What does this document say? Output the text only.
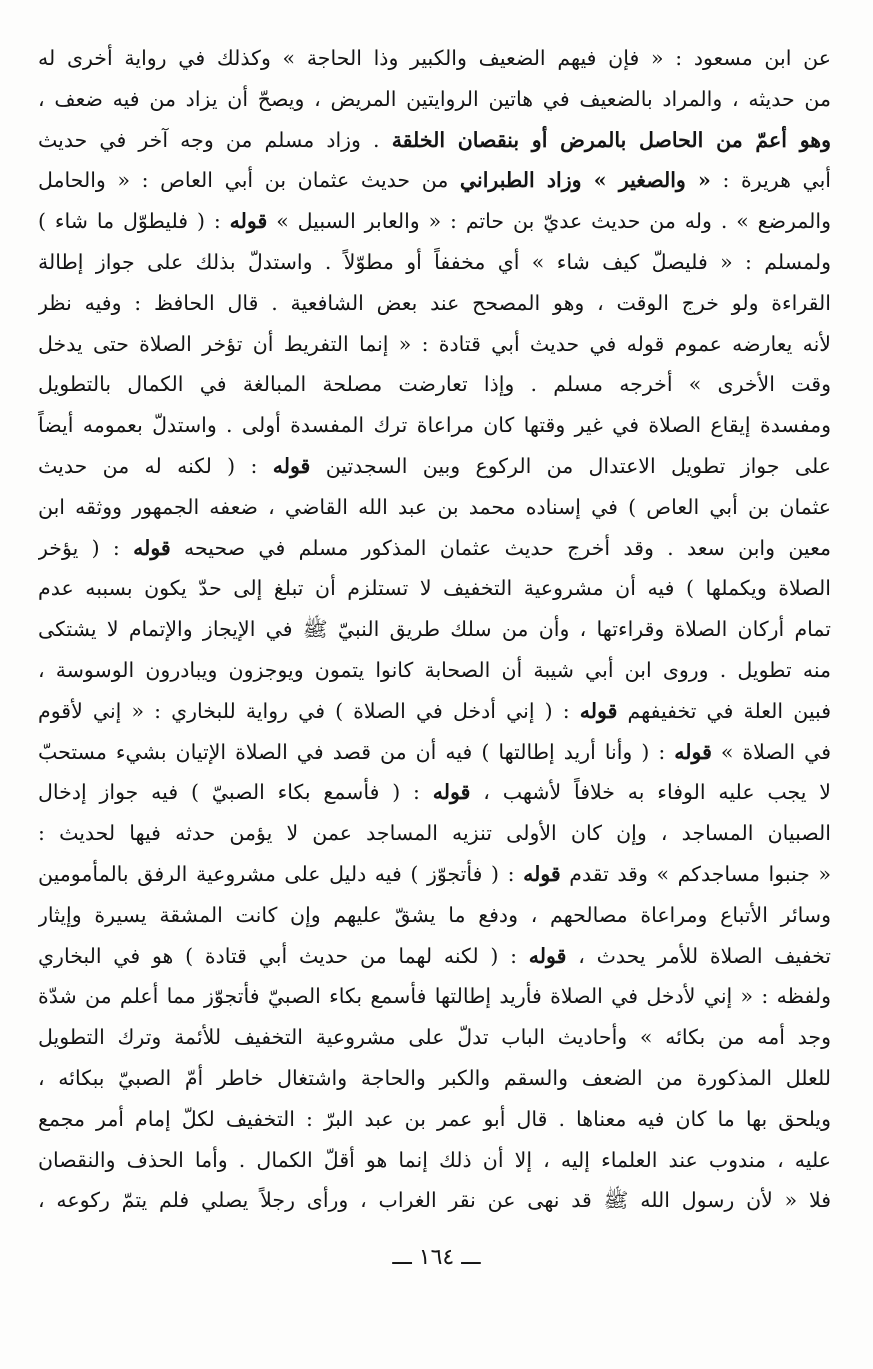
عن ابن مسعود : « فإن فيهم الضعيف والكبير وذا الحاجة » وكذلك في رواية أخرى له
من حديثه ، والمراد بالضعيف في هاتين الروايتين المريض ، ويصحّ أن يزاد من فيه ضعف ،
وهو أعمّ من الحاصل بالمرض أو بنقصان الخلقة . وزاد مسلم من وجه آخر في حديث
أبي هريرة : « والصغير » وزاد الطبراني من حديث عثمان بن أبي العاص : « والحامل
والمرضع » . وله من حديث عديّ بن حاتم : « والعابر السبيل » قوله : ( فليطوّل ما شاء )
ولمسلم : « فليصلّ كيف شاء » أي مخففاً أو مطوّلاً . واستدلّ بذلك على جواز إطالة
القراءة ولو خرج الوقت ، وهو المصحح عند بعض الشافعية . قال الحافظ : وفيه نظر
لأنه يعارضه عموم قوله في حديث أبي قتادة : « إنما التفريط أن تؤخر الصلاة حتى يدخل
وقت الأخرى » أخرجه مسلم . وإذا تعارضت مصلحة المبالغة في الكمال بالتطويل
ومفسدة إيقاع الصلاة في غير وقتها كان مراعاة ترك المفسدة أولى . واستدلّ بعمومه أيضاً
على جواز تطويل الاعتدال من الركوع وبين السجدتين قوله : ( لكنه له من حديث
عثمان بن أبي العاص ) في إسناده محمد بن عبد الله القاضي ، ضعفه الجمهور ووثقه ابن
معين وابن سعد . وقد أخرج حديث عثمان المذكور مسلم في صحيحه قوله : ( يؤخر
الصلاة ويكملها ) فيه أن مشروعية التخفيف لا تستلزم أن تبلغ إلى حدّ يكون بسببه عدم
تمام أركان الصلاة وقراءتها ، وأن من سلك طريق النبيّ ﷺ في الإيجاز والإتمام لا يشتكى
منه تطويل . وروى ابن أبي شيبة أن الصحابة كانوا يتمون ويوجزون ويبادرون الوسوسة ،
فبين العلة في تخفيفهم قوله : ( إني أدخل في الصلاة ) في رواية للبخاري : « إني لأقوم
في الصلاة » قوله : ( وأنا أريد إطالتها ) فيه أن من قصد في الصلاة الإتيان بشيء مستحبّ
لا يجب عليه الوفاء به خلافاً لأشهب ، قوله : ( فأسمع بكاء الصبيّ ) فيه جواز إدخال
الصبيان المساجد ، وإن كان الأولى تنزيه المساجد عمن لا يؤمن حدثه فيها لحديث :
« جنبوا مساجدكم » وقد تقدم قوله : ( فأتجوّز ) فيه دليل على مشروعية الرفق بالمأمومين
وسائر الأتباع ومراعاة مصالحهم ، ودفع ما يشقّ عليهم وإن كانت المشقة يسيرة وإيثار
تخفيف الصلاة للأمر يحدث ، قوله : ( لكنه لهما من حديث أبي قتادة ) هو في البخاري
ولفظه : « إني لأدخل في الصلاة فأريد إطالتها فأسمع بكاء الصبيّ فأتجوّز مما أعلم من شدّة
وجد أمه من بكائه » وأحاديث الباب تدلّ على مشروعية التخفيف للأئمة وترك التطويل
للعلل المذكورة من الضعف والسقم والكبر والحاجة واشتغال خاطر أمّ الصبيّ ببكائه ،
ويلحق بها ما كان فيه معناها . قال أبو عمر بن عبد البرّ : التخفيف لكلّ إمام أمر مجمع
عليه ، مندوب عند العلماء إليه ، إلا أن ذلك إنما هو أقلّ الكمال . وأما الحذف والنقصان
فلا « لأن رسول الله ﷺ قد نهى عن نقر الغراب ، ورأى رجلاً يصلي فلم يتمّ ركوعه ،
ـــ ١٦٤ ـــ
